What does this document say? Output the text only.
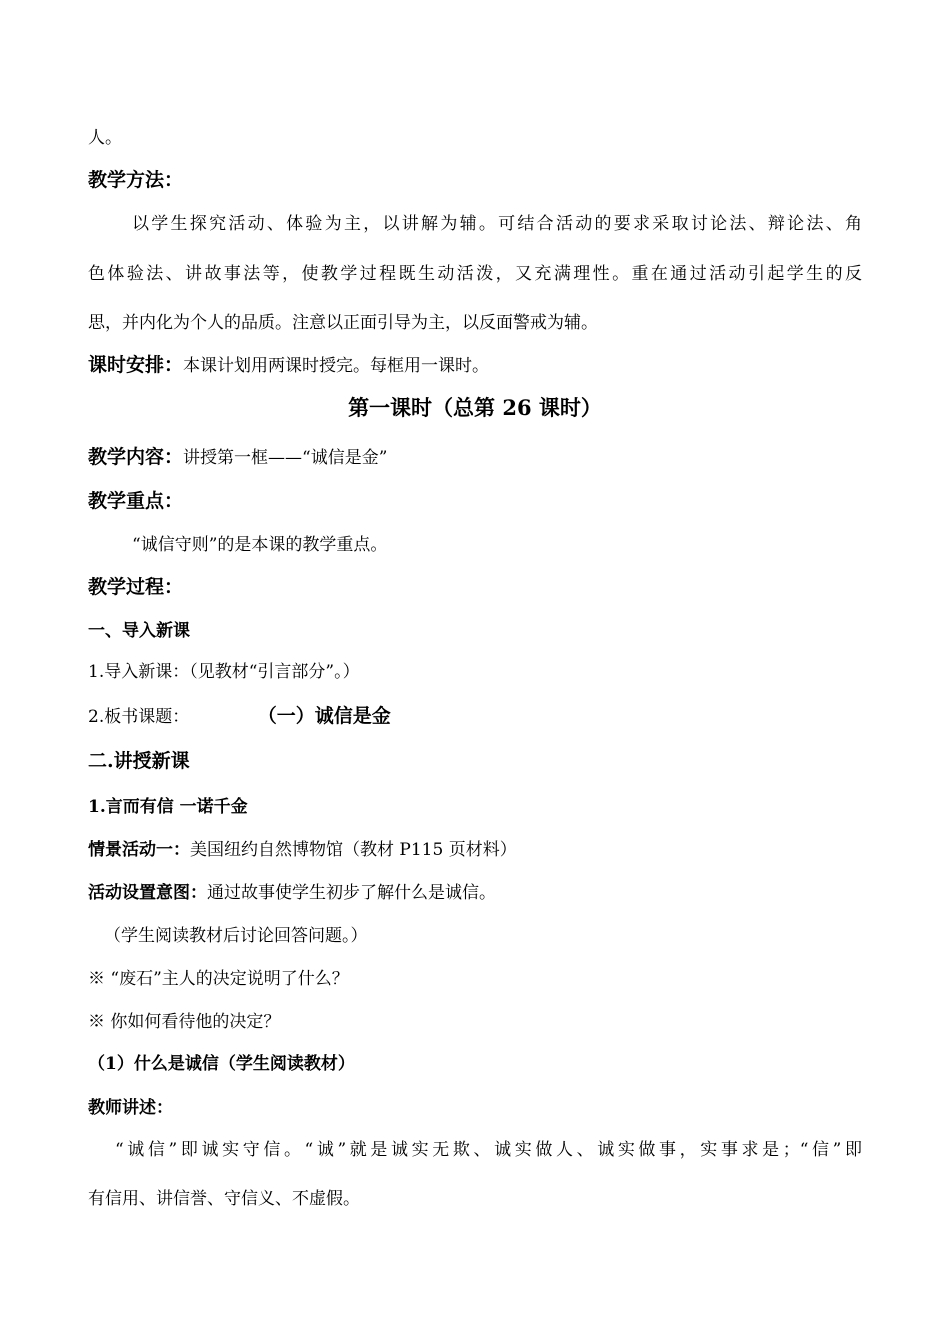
人。
教学方法：
以学生探究活动、体验为主，以讲解为辅。可结合活动的要求采取讨论法、辩论法、角
色体验法、讲故事法等，使教学过程既生动活泼，又充满理性。重在通过活动引起学生的反
思，并内化为个人的品质。注意以正面引导为主，以反面警戒为辅。
课时安排：本课计划用两课时授完。每框用一课时。
第一课时（总第 26 课时）
教学内容：讲授第一框——“诚信是金”
教学重点：
“诚信守则”的是本课的教学重点。
教学过程：
一、导入新课
1.导入新课：（见教材“引言部分”。）
2.板书课题：	（一）诚信是金
二.讲授新课
1.言而有信 一诺千金
情景活动一：美国纽约自然博物馆（教材 P115 页材料）
活动设置意图：通过故事使学生初步了解什么是诚信。
（学生阅读教材后讨论回答问题。）
※ “废石”主人的决定说明了什么？
※ 你如何看待他的决定？
（1）什么是诚信（学生阅读教材）
教师讲述：
“诚信”即诚实守信。“诚”就是诚实无欺、诚实做人、诚实做事，实事求是；“信”即
有信用、讲信誉、守信义、不虚假。
